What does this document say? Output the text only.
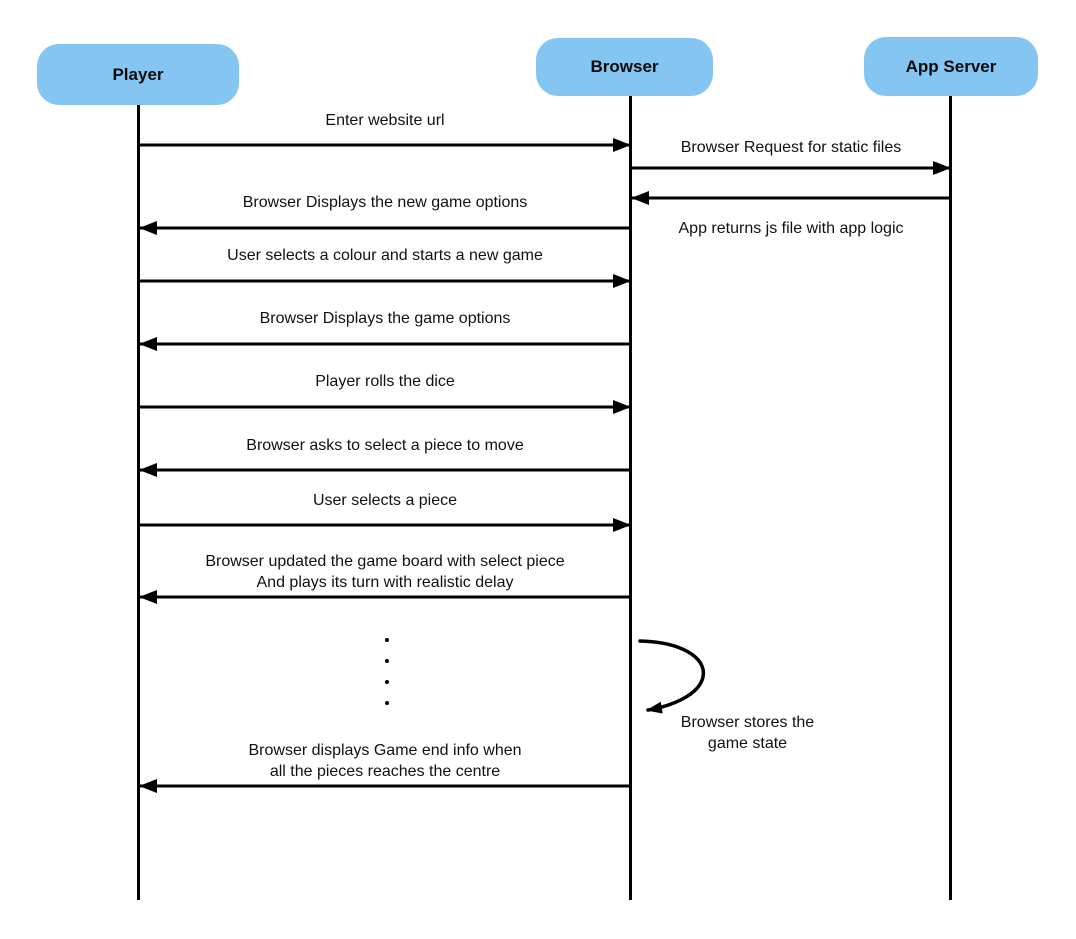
Player	Browser	App Server
Enter website url
Browser Request for static files
App returns js file with app logic
Browser Displays the new game options
User selects a colour and starts a new game
Browser Displays the game options
Player rolls the dice
Browser asks to select a piece to move
User selects a piece
Browser updated the game board with select piece
And plays its turn with realistic delay
Browser stores the
game state
Browser displays Game end info when
all the pieces reaches the centre
